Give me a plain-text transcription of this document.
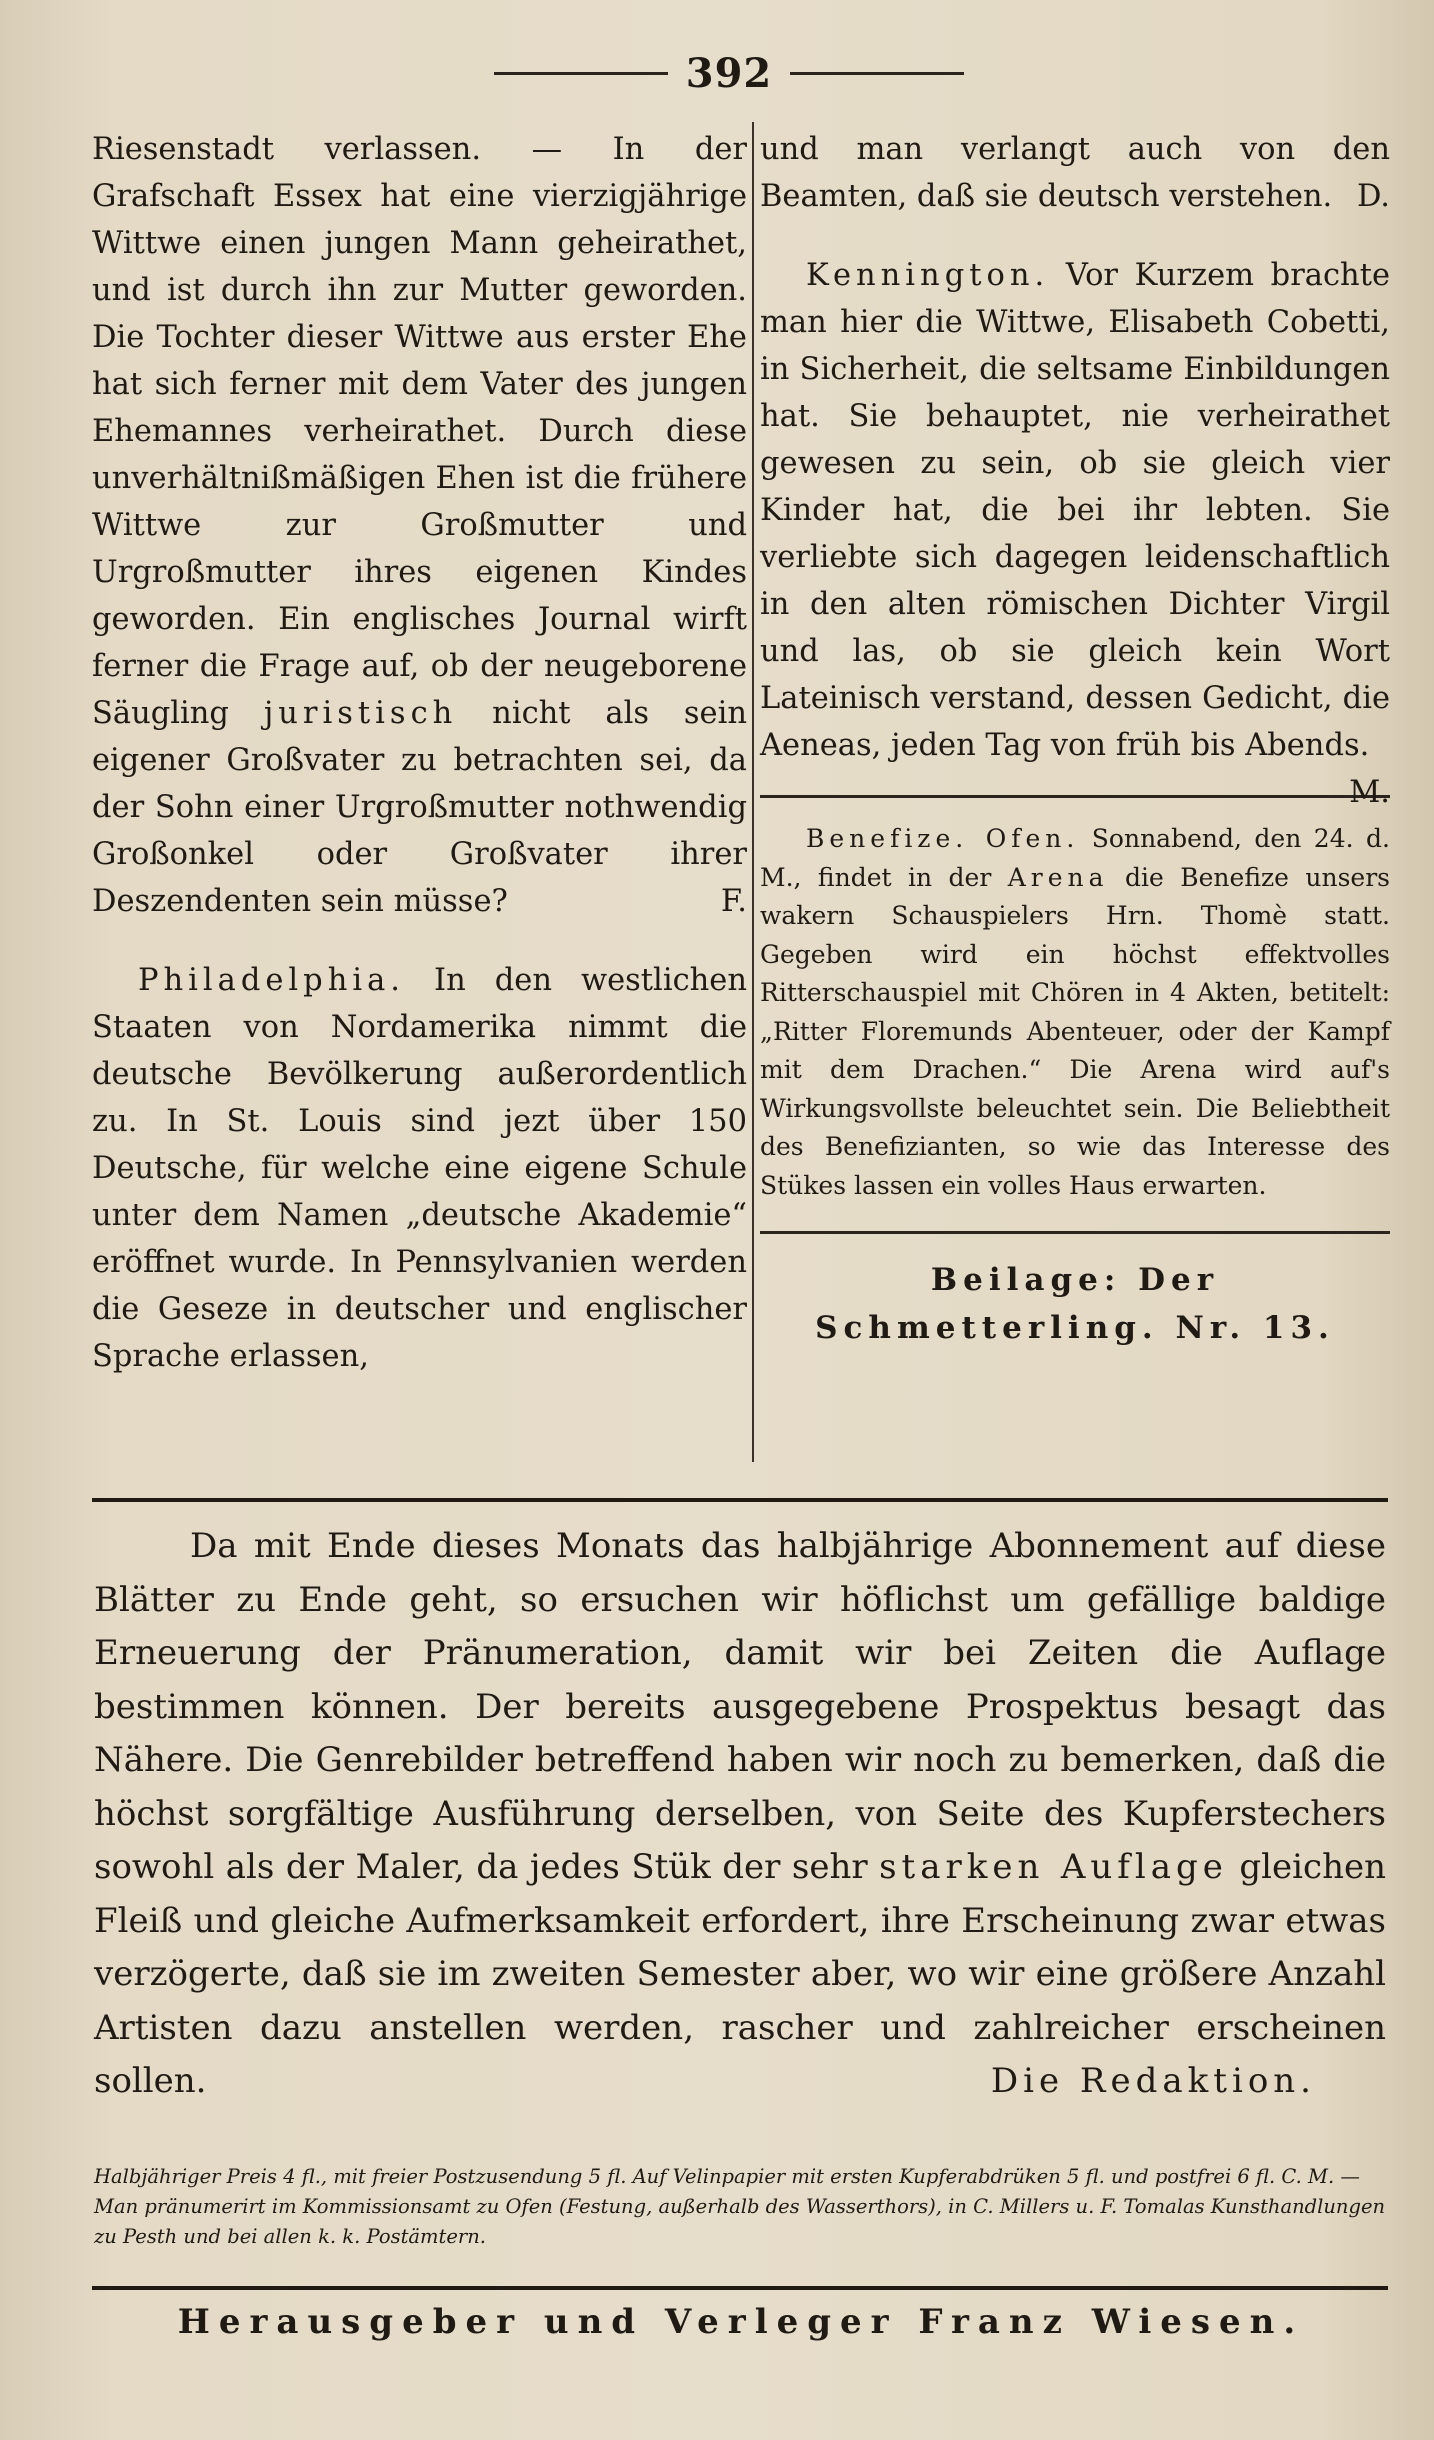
392

Riesenstadt verlassen. — In der Grafschaft Essex hat eine vierzigjährige Wittwe einen jungen Mann geheirathet, und ist durch ihn zur Mutter geworden. Die Tochter dieser Wittwe aus erster Ehe hat sich ferner mit dem Vater des jungen Ehemannes verheirathet. Durch diese unverhältnißmäßigen Ehen ist die frühere Wittwe zur Großmutter und Urgroßmutter ihres eigenen Kindes geworden. Ein englisches Journal wirft ferner die Frage auf, ob der neugeborene Säugling juristisch nicht als sein eigener Großvater zu betrachten sei, da der Sohn einer Urgroßmutter nothwendig Großonkel oder Großvater ihrer Deszendenten sein müsse?	F.

Philadelphia. In den westlichen Staaten von Nordamerika nimmt die deutsche Bevölkerung außerordentlich zu. In St. Louis sind jezt über 150 Deutsche, für welche eine eigene Schule unter dem Namen „deutsche Akademie“ eröffnet wurde. In Pennsylvanien werden die Geseze in deutscher und englischer Sprache erlassen,

und man verlangt auch von den Beamten, daß sie deutsch verstehen. D.

Kennington. Vor Kurzem brachte man hier die Wittwe, Elisabeth Cobetti, in Sicherheit, die seltsame Einbildungen hat. Sie behauptet, nie verheirathet gewesen zu sein, ob sie gleich vier Kinder hat, die bei ihr lebten. Sie verliebte sich dagegen leidenschaftlich in den alten römischen Dichter Virgil und las, ob sie gleich kein Wort Lateinisch verstand, dessen Gedicht, die Aeneas, jeden Tag von früh bis Abends.
M.

Benefize. Ofen. Sonnabend, den 24. d. M., findet in der Arena die Benefize unsers wakern Schauspielers Hrn. Thomè statt. Gegeben wird ein höchst effektvolles Ritterschauspiel mit Chören in 4 Akten, betitelt: „Ritter Floremunds Abenteuer, oder der Kampf mit dem Drachen.“ Die Arena wird auf's Wirkungsvollste beleuchtet sein. Die Beliebtheit des Benefizianten, so wie das Interesse des Stükes lassen ein volles Haus erwarten.

Beilage: Der Schmetterling. Nr. 13.

Da mit Ende dieses Monats das halbjährige Abonnement auf diese Blätter zu Ende geht, so ersuchen wir höflichst um gefällige baldige Erneuerung der Pränumeration, damit wir bei Zeiten die Auflage bestimmen können. Der bereits ausgegebene Prospektus besagt das Nähere. Die Genrebilder betreffend haben wir noch zu bemerken, daß die höchst sorgfältige Ausführung derselben, von Seite des Kupferstechers sowohl als der Maler, da jedes Stük der sehr starken Auflage gleichen Fleiß und gleiche Aufmerksamkeit erfordert, ihre Erscheinung zwar etwas verzögerte, daß sie im zweiten Semester aber, wo wir eine größere Anzahl Artisten dazu anstellen werden, rascher und zahlreicher erscheinen sollen.	Die Redaktion.

Halbjähriger Preis 4 fl., mit freier Postzusendung 5 fl. Auf Velinpapier mit ersten Kupferabdrüken 5 fl. und postfrei 6 fl. C. M. — Man pränumerirt im Kommissionsamt zu Ofen (Festung, außerhalb des Wasserthors), in C. Millers u. F. Tomalas Kunsthandlungen zu Pesth und bei allen k. k. Postämtern.
Herausgeber und Verleger Franz Wiesen.
